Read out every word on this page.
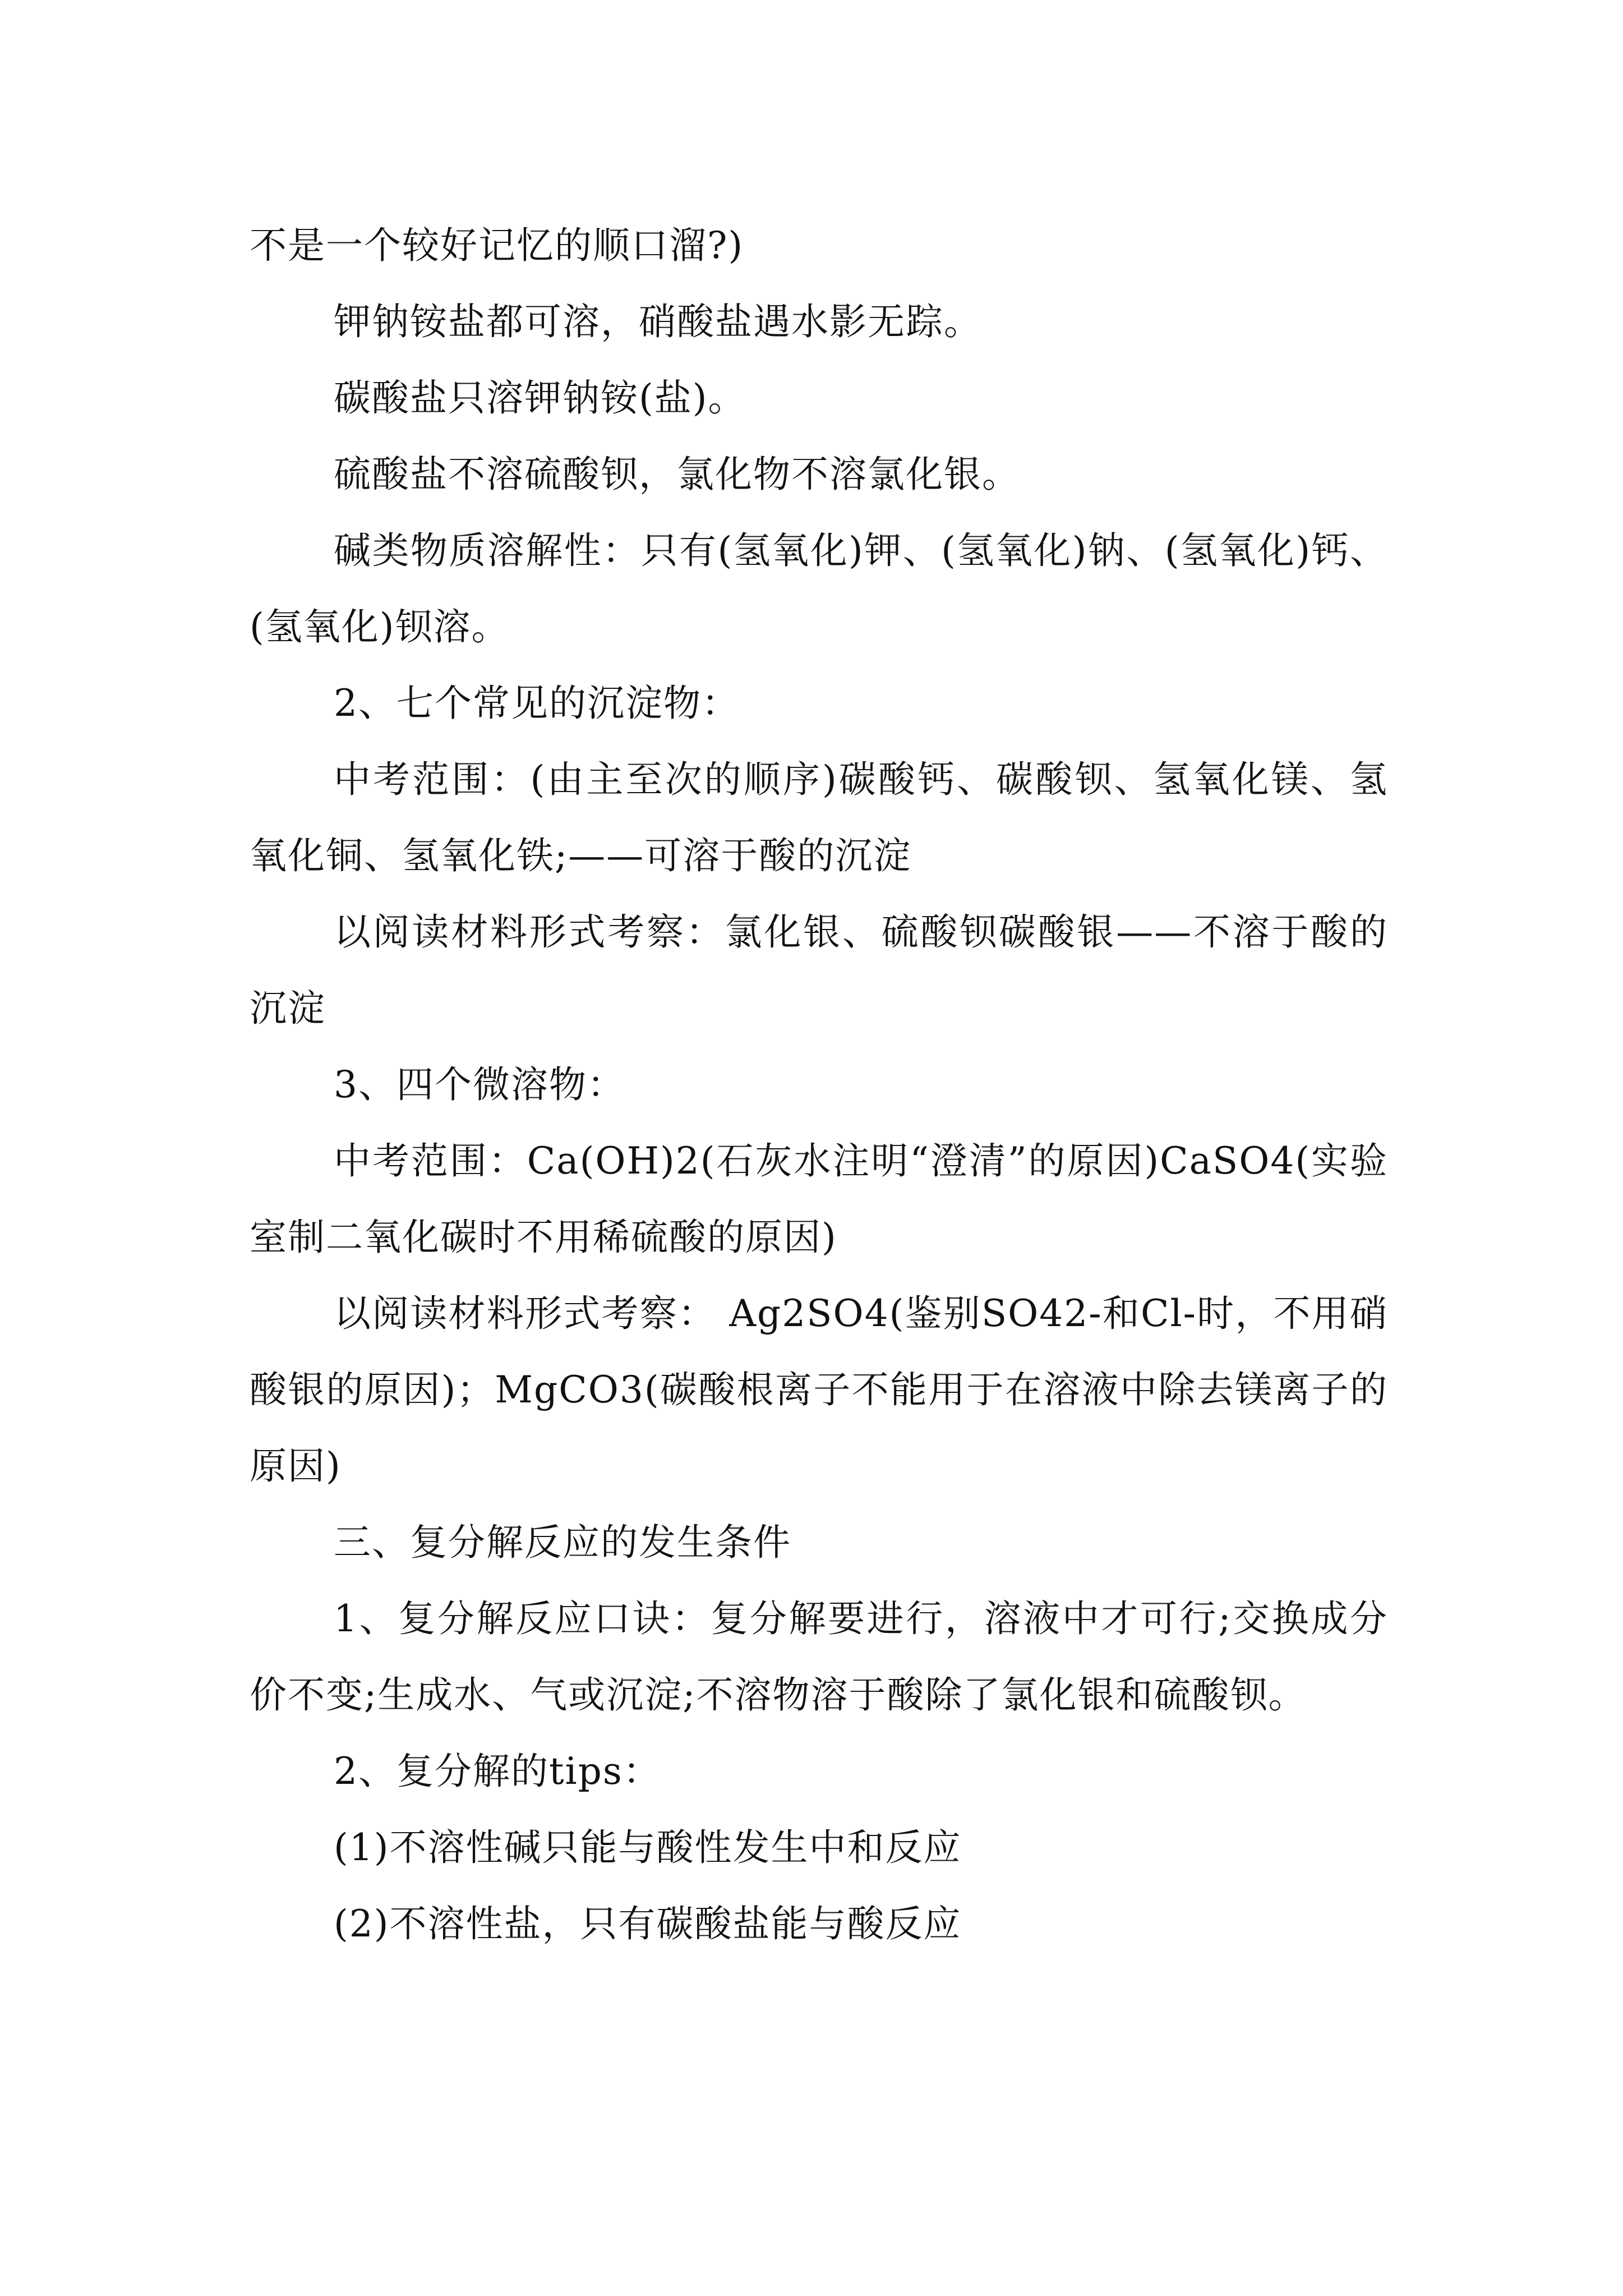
不是一个较好记忆的顺口溜?)

钾钠铵盐都可溶，硝酸盐遇水影无踪。

碳酸盐只溶钾钠铵(盐)。

硫酸盐不溶硫酸钡，氯化物不溶氯化银。

碱类物质溶解性：只有(氢氧化)钾、(氢氧化)钠、(氢氧化)钙、(氢氧化)钡溶。

2、七个常见的沉淀物：

中考范围：(由主至次的顺序)碳酸钙、碳酸钡、氢氧化镁、氢氧化铜、氢氧化铁;——可溶于酸的沉淀

以阅读材料形式考察：氯化银、硫酸钡碳酸银——不溶于酸的沉淀

3、四个微溶物：

中考范围：Ca(OH)2(石灰水注明“澄清”的原因)CaSO4(实验室制二氧化碳时不用稀硫酸的原因)

以阅读材料形式考察： Ag2SO4(鉴别SO42-和Cl-时，不用硝酸银的原因)；MgCO3(碳酸根离子不能用于在溶液中除去镁离子的原因)

三、复分解反应的发生条件

1、复分解反应口诀：复分解要进行，溶液中才可行;交换成分价不变;生成水、气或沉淀;不溶物溶于酸除了氯化银和硫酸钡。

2、复分解的tips：

(1)不溶性碱只能与酸性发生中和反应

(2)不溶性盐，只有碳酸盐能与酸反应
